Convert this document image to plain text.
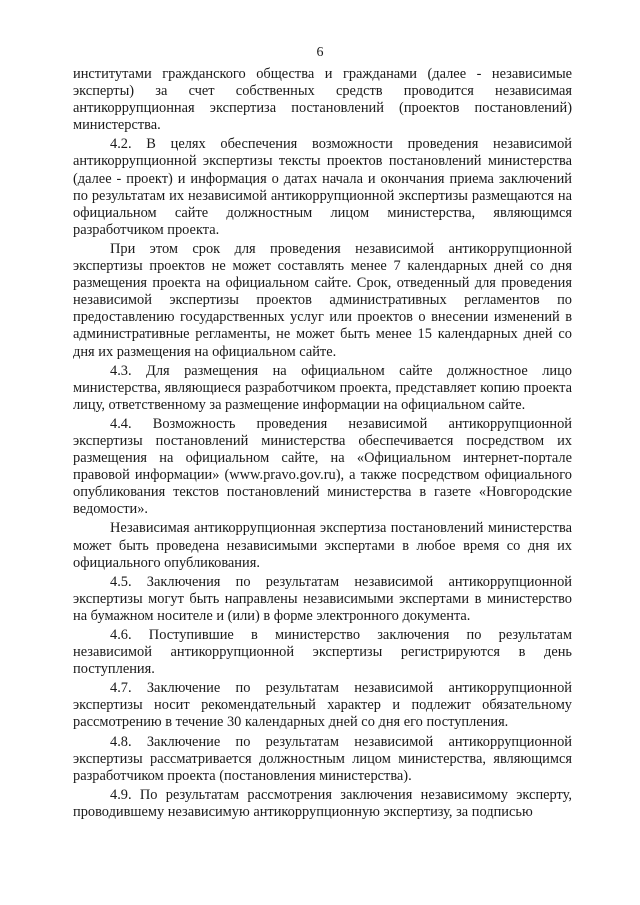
6

институтами гражданского общества и гражданами (далее - независимые эксперты) за счет собственных средств проводится независимая антикоррупционная экспертиза постановлений (проектов постановлений) министерства.

4.2. В целях обеспечения возможности проведения независимой антикоррупционной экспертизы тексты проектов постановлений министерства (далее - проект) и информация о датах начала и окончания приема заключений по результатам их независимой антикоррупционной экспертизы размещаются на официальном сайте должностным лицом министерства, являющимся разработчиком проекта.

При этом срок для проведения независимой антикоррупционной экспертизы проектов не может составлять менее 7 календарных дней со дня размещения проекта на официальном сайте. Срок, отведенный для проведения независимой экспертизы проектов административных регламентов по предоставлению государственных услуг или проектов о внесении изменений в административные регламенты, не может быть менее 15 календарных дней со дня их размещения на официальном сайте.

4.3. Для размещения на официальном сайте должностное лицо министерства, являющиеся разработчиком проекта, представляет копию проекта лицу, ответственному за размещение информации на официальном сайте.

4.4. Возможность проведения независимой антикоррупционной экспертизы постановлений министерства обеспечивается посредством их размещения на официальном сайте, на «Официальном интернет-портале правовой информации» (www.pravo.gov.ru), а также посредством официального опубликования текстов постановлений министерства в газете «Новгородские ведомости».

Независимая антикоррупционная экспертиза постановлений министерства может быть проведена независимыми экспертами в любое время со дня их официального опубликования.

4.5. Заключения по результатам независимой антикоррупционной экспертизы могут быть направлены независимыми экспертами в министерство на бумажном носителе и (или) в форме электронного документа.

4.6. Поступившие в министерство заключения по результатам независимой антикоррупционной экспертизы регистрируются в день поступления.

4.7. Заключение по результатам независимой антикоррупционной экспертизы носит рекомендательный характер и подлежит обязательному рассмотрению в течение 30 календарных дней со дня его поступления.

4.8. Заключение по результатам независимой антикоррупционной экспертизы рассматривается должностным лицом министерства, являющимся разработчиком проекта (постановления министерства).

4.9. По результатам рассмотрения заключения независимому эксперту, проводившему независимую антикоррупционную экспертизу, за подписью
